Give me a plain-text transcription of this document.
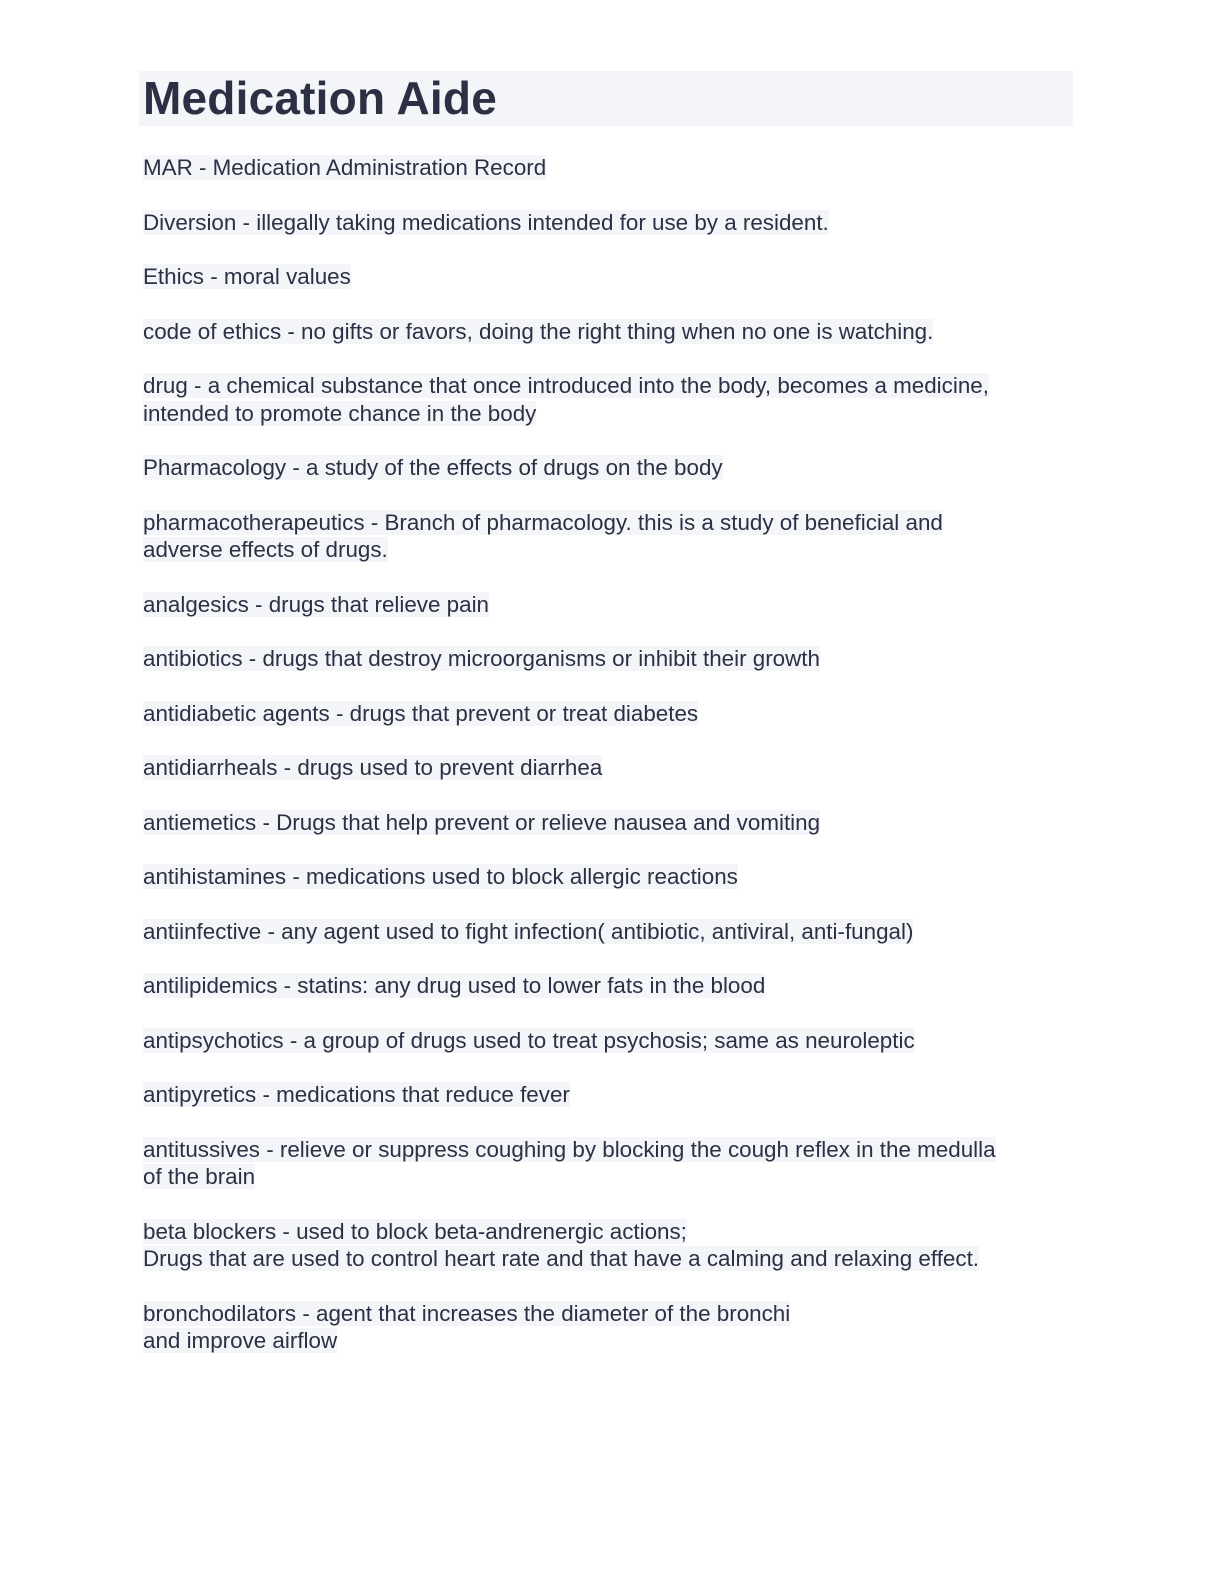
Medication Aide
MAR - Medication Administration Record
Diversion - illegally taking medications intended for use by a resident.
Ethics - moral values
code of ethics - no gifts or favors, doing the right thing when no one is watching.
drug - a chemical substance that once introduced into the body, becomes a medicine,
intended to promote chance in the body
Pharmacology - a study of the effects of drugs on the body
pharmacotherapeutics - Branch of pharmacology. this is a study of beneficial and
adverse effects of drugs.
analgesics - drugs that relieve pain
antibiotics - drugs that destroy microorganisms or inhibit their growth
antidiabetic agents - drugs that prevent or treat diabetes
antidiarrheals - drugs used to prevent diarrhea
antiemetics - Drugs that help prevent or relieve nausea and vomiting
antihistamines - medications used to block allergic reactions
antiinfective - any agent used to fight infection( antibiotic, antiviral, anti-fungal)
antilipidemics - statins: any drug used to lower fats in the blood
antipsychotics - a group of drugs used to treat psychosis; same as neuroleptic
antipyretics - medications that reduce fever
antitussives - relieve or suppress coughing by blocking the cough reflex in the medulla
of the brain
beta blockers - used to block beta-andrenergic actions;
Drugs that are used to control heart rate and that have a calming and relaxing effect.
bronchodilators - agent that increases the diameter of the bronchi
and improve airflow
